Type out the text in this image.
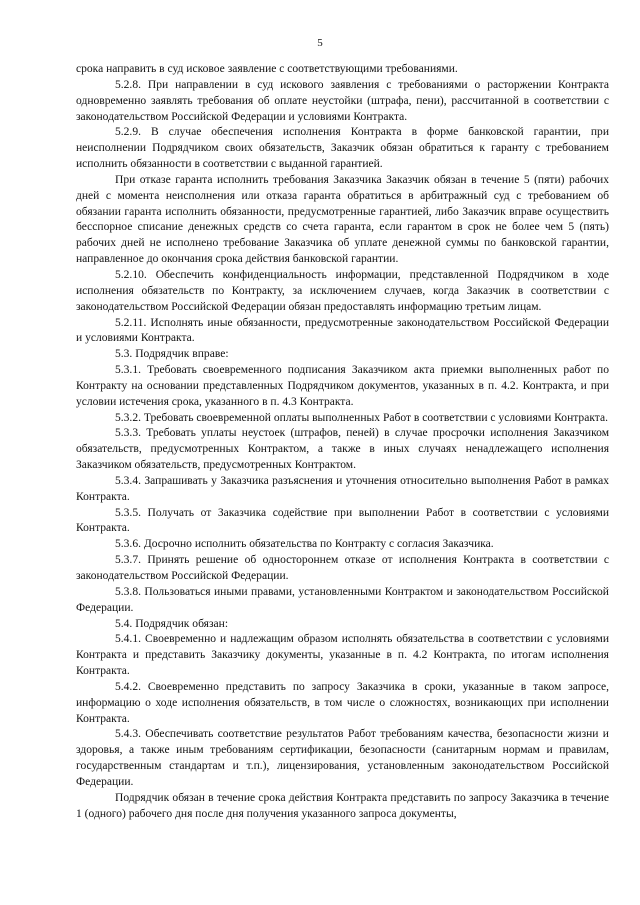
5

срока направить в суд исковое заявление с соответствующими требованиями.

5.2.8. При направлении в суд искового заявления с требованиями о расторжении Контракта одновременно заявлять требования об оплате неустойки (штрафа, пени), рассчитанной в соответствии с законодательством Российской Федерации и условиями Контракта.

5.2.9. В случае обеспечения исполнения Контракта в форме банковской гарантии, при неисполнении Подрядчиком своих обязательств, Заказчик обязан обратиться к гаранту с требованием исполнить обязанности в соответствии с выданной гарантией.

При отказе гаранта исполнить требования Заказчика Заказчик обязан в течение 5 (пяти) рабочих дней с момента неисполнения или отказа гаранта обратиться в арбитражный суд с требованием об обязании гаранта исполнить обязанности, предусмотренные гарантией, либо Заказчик вправе осуществить бесспорное списание денежных средств со счета гаранта, если гарантом в срок не более чем 5 (пять) рабочих дней не исполнено требование Заказчика об уплате денежной суммы по банковской гарантии, направленное до окончания срока действия банковской гарантии.

5.2.10. Обеспечить конфиденциальность информации, представленной Подрядчиком в ходе исполнения обязательств по Контракту, за исключением случаев, когда Заказчик в соответствии с законодательством Российской Федерации обязан предоставлять информацию третьим лицам.

5.2.11. Исполнять иные обязанности, предусмотренные законодательством Российской Федерации и условиями Контракта.

5.3. Подрядчик вправе:

5.3.1. Требовать своевременного подписания Заказчиком акта приемки выполненных работ по Контракту на основании представленных Подрядчиком документов, указанных в п. 4.2. Контракта, и при условии истечения срока, указанного в п. 4.3 Контракта.

5.3.2. Требовать своевременной оплаты выполненных Работ в соответствии с условиями Контракта.

5.3.3. Требовать уплаты неустоек (штрафов, пеней) в случае просрочки исполнения Заказчиком обязательств, предусмотренных Контрактом, а также в иных случаях ненадлежащего исполнения Заказчиком обязательств, предусмотренных Контрактом.

5.3.4. Запрашивать у Заказчика разъяснения и уточнения относительно выполнения Работ в рамках Контракта.

5.3.5. Получать от Заказчика содействие при выполнении Работ в соответствии с условиями Контракта.

5.3.6. Досрочно исполнить обязательства по Контракту с согласия Заказчика.

5.3.7. Принять решение об одностороннем отказе от исполнения Контракта в соответствии с законодательством Российской Федерации.

5.3.8. Пользоваться иными правами, установленными Контрактом и законодательством Российской Федерации.

5.4. Подрядчик обязан:

5.4.1. Своевременно и надлежащим образом исполнять обязательства в соответствии с условиями Контракта и представить Заказчику документы, указанные в п. 4.2 Контракта, по итогам исполнения Контракта.

5.4.2. Своевременно представить по запросу Заказчика в сроки, указанные в таком запросе, информацию о ходе исполнения обязательств, в том числе о сложностях, возникающих при исполнении Контракта.

5.4.3. Обеспечивать соответствие результатов Работ требованиям качества, безопасности жизни и здоровья, а также иным требованиям сертификации, безопасности (санитарным нормам и правилам, государственным стандартам и т.п.), лицензирования, установленным законодательством Российской Федерации.

Подрядчик обязан в течение срока действия Контракта представить по запросу Заказчика в течение 1 (одного) рабочего дня после дня получения указанного запроса документы,
